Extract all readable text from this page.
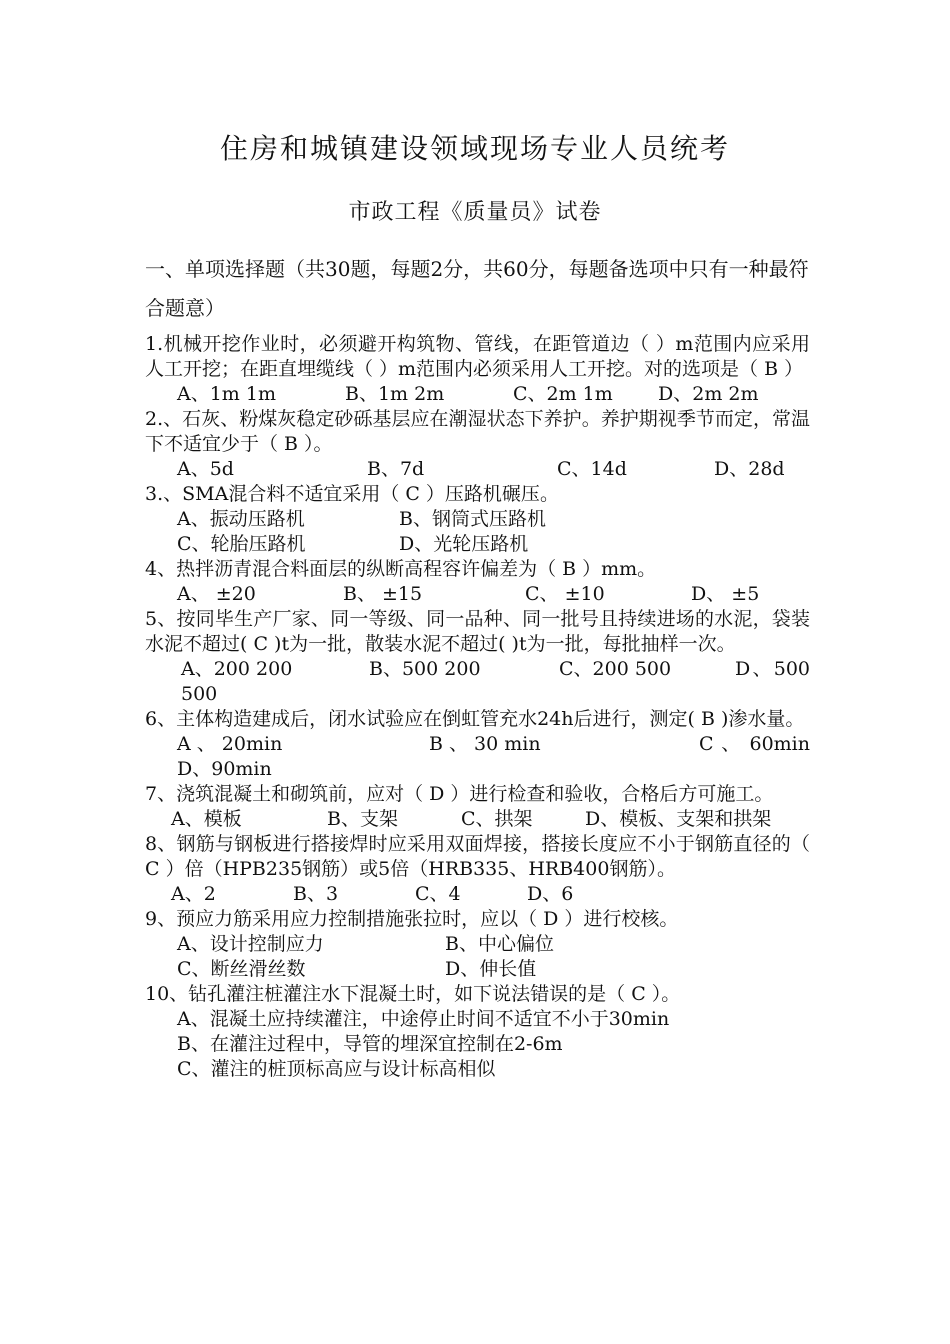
住房和城镇建设领域现场专业人员统考
市政工程《质量员》试卷
一、单项选择题（共30题，每题2分，共60分，每题备选项中只有一种最符合题意）
1.机械开挖作业时，必须避开构筑物、管线，在距管道边（ ）m范围内应采用人工开挖；在距直埋缆线（ ）m范围内必须采用人工开挖。对的选项是（ B ）
A、1m 1m	B、1m 2m	C、2m 1m	D、2m 2m
2.、石灰、粉煤灰稳定砂砾基层应在潮湿状态下养护。养护期视季节而定，常温下不适宜少于（ B ）。
A、5d	B、7d	C、14d	D、28d
3.、SMA混合料不适宜采用（ C ）压路机碾压。
A、振动压路机	B、钢筒式压路机
C、轮胎压路机	D、光轮压路机
4、热拌沥青混合料面层的纵断高程容许偏差为（ B ）mm。
A、 ±20	B、 ±15	C、 ±10	D、 ±5
5、按同毕生产厂家、同一等级、同一品种、同一批号且持续进场的水泥，袋装水泥不超过( C )t为一批，散装水泥不超过( )t为一批，每批抽样一次。
A、200 200	B、500 200	C、200 500	D、500 500
6、主体构造建成后，闭水试验应在倒虹管充水24h后进行，测定( B )渗水量。
A 、 20min	B 、 30 min	C 、 60min D、90min
7、浇筑混凝土和砌筑前，应对（ D ）进行检查和验收，合格后方可施工。
A、模板	B、支架	C、拱架	D、模板、支架和拱架
8、钢筋与钢板进行搭接焊时应采用双面焊接，搭接长度应不小于钢筋直径的（ C ）倍（HPB235钢筋）或5倍（HRB335、HRB400钢筋）。
A、2	B、3	C、4	D、6
9、预应力筋采用应力控制措施张拉时，应以（ D ）进行校核。
A、设计控制应力	B、中心偏位
C、断丝滑丝数	D、伸长值
10、钻孔灌注桩灌注水下混凝土时，如下说法错误的是（ C ）。
A、混凝土应持续灌注，中途停止时间不适宜不小于30min
B、在灌注过程中，导管的埋深宜控制在2-6m
C、灌注的桩顶标高应与设计标高相似
